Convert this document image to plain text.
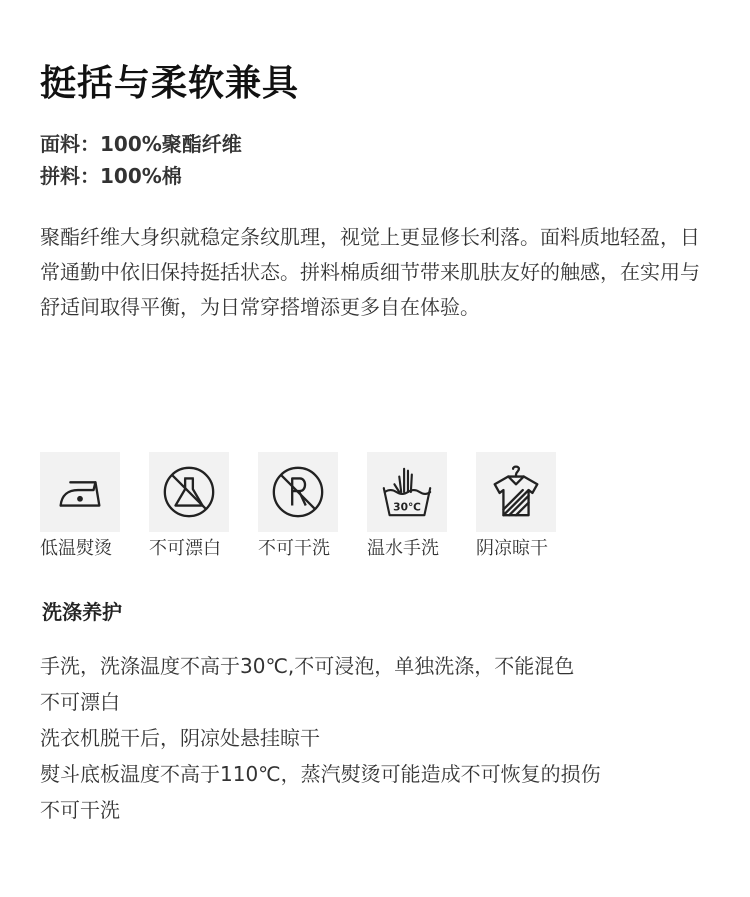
挺括与柔软兼具
面料：100%聚酯纤维
拼料：100%棉

聚酯纤维大身织就稳定条纹肌理，视觉上更显修长利落。面料质地轻盈，日常通勤中依旧保持挺括状态。拼料棉质细节带来肌肤友好的触感，在实用与舒适间取得平衡，为日常穿搭增添更多自在体验。

低温熨烫	不可漂白	不可干洗
30℃
温水手洗	阴凉晾干
洗涤养护
手洗，洗涤温度不高于30℃,不可浸泡，单独洗涤，不能混色
不可漂白
洗衣机脱干后，阴凉处悬挂晾干
熨斗底板温度不高于110℃，蒸汽熨烫可能造成不可恢复的损伤
不可干洗
